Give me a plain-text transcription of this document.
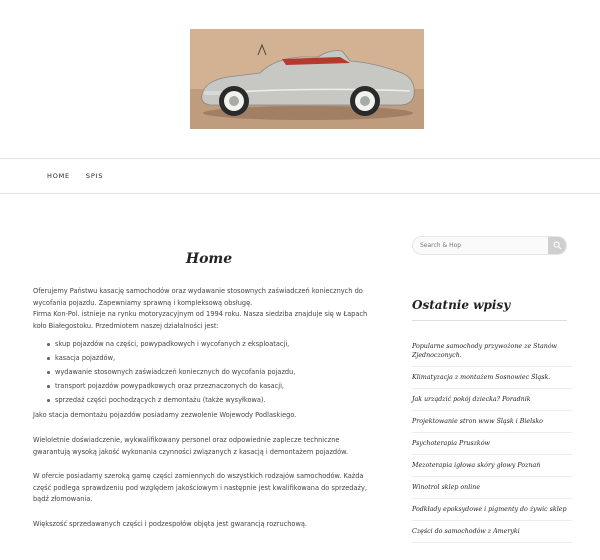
HOME SPIS
Home

Oferujemy Państwu kasację samochodów oraz wydawanie stosownych zaświadczeń koniecznych do wycofania pojazdu. Zapewniamy sprawną i kompleksową obsługę.

Firma Kon-Pol. istnieje na rynku motoryzacyjnym od 1994 roku. Nasza siedziba znajduje się w Łapach koło Białegostoku. Przedmiotem naszej działalności jest:

skup pojazdów na części, powypadkowych i wycofanych z eksploatacji,
kasacja pojazdów,
wydawanie stosownych zaświadczeń koniecznych do wycofania pojazdu,
transport pojazdów powypadkowych oraz przeznaczonych do kasacji,
sprzedaż części pochodzących z demontażu (także wysyłkowa).

Jako stacja demontażu pojazdów posiadamy zezwolenie Wojewody Podlaskiego.

Wieloletnie doświadczenie, wykwalifikowany personel oraz odpowiednie zaplecze techniczne gwarantują wysoką jakość wykonania czynności związanych z kasacją i demontażem pojazdów.

W ofercie posiadamy szeroką gamę części zamiennych do wszystkich rodzajów samochodów. Każda część podlega sprawdzeniu pod względem jakościowym i następnie jest kwalifikowana do sprzedaży, bądź złomowania.

Większość sprzedawanych części i podzespołów objęta jest gwarancją rozruchową.

Search & Hop
Ostatnie wpisy
Popularne samochody przywożone ze Stanów Zjednoczonych.
Klimatyzacja z montażem Sosnowiec Śląsk.
Jak urządzić pokój dziecka? Poradnik
Projektowanie stron www Śląsk i Bielsko
Psychoterapia Pruszków
Mezoterapia igłowa skóry głowy Poznań
Winotrol sklep online
Podkłady epoksydowe i pigmenty do żywic sklep
Części do samochodów z Ameryki
